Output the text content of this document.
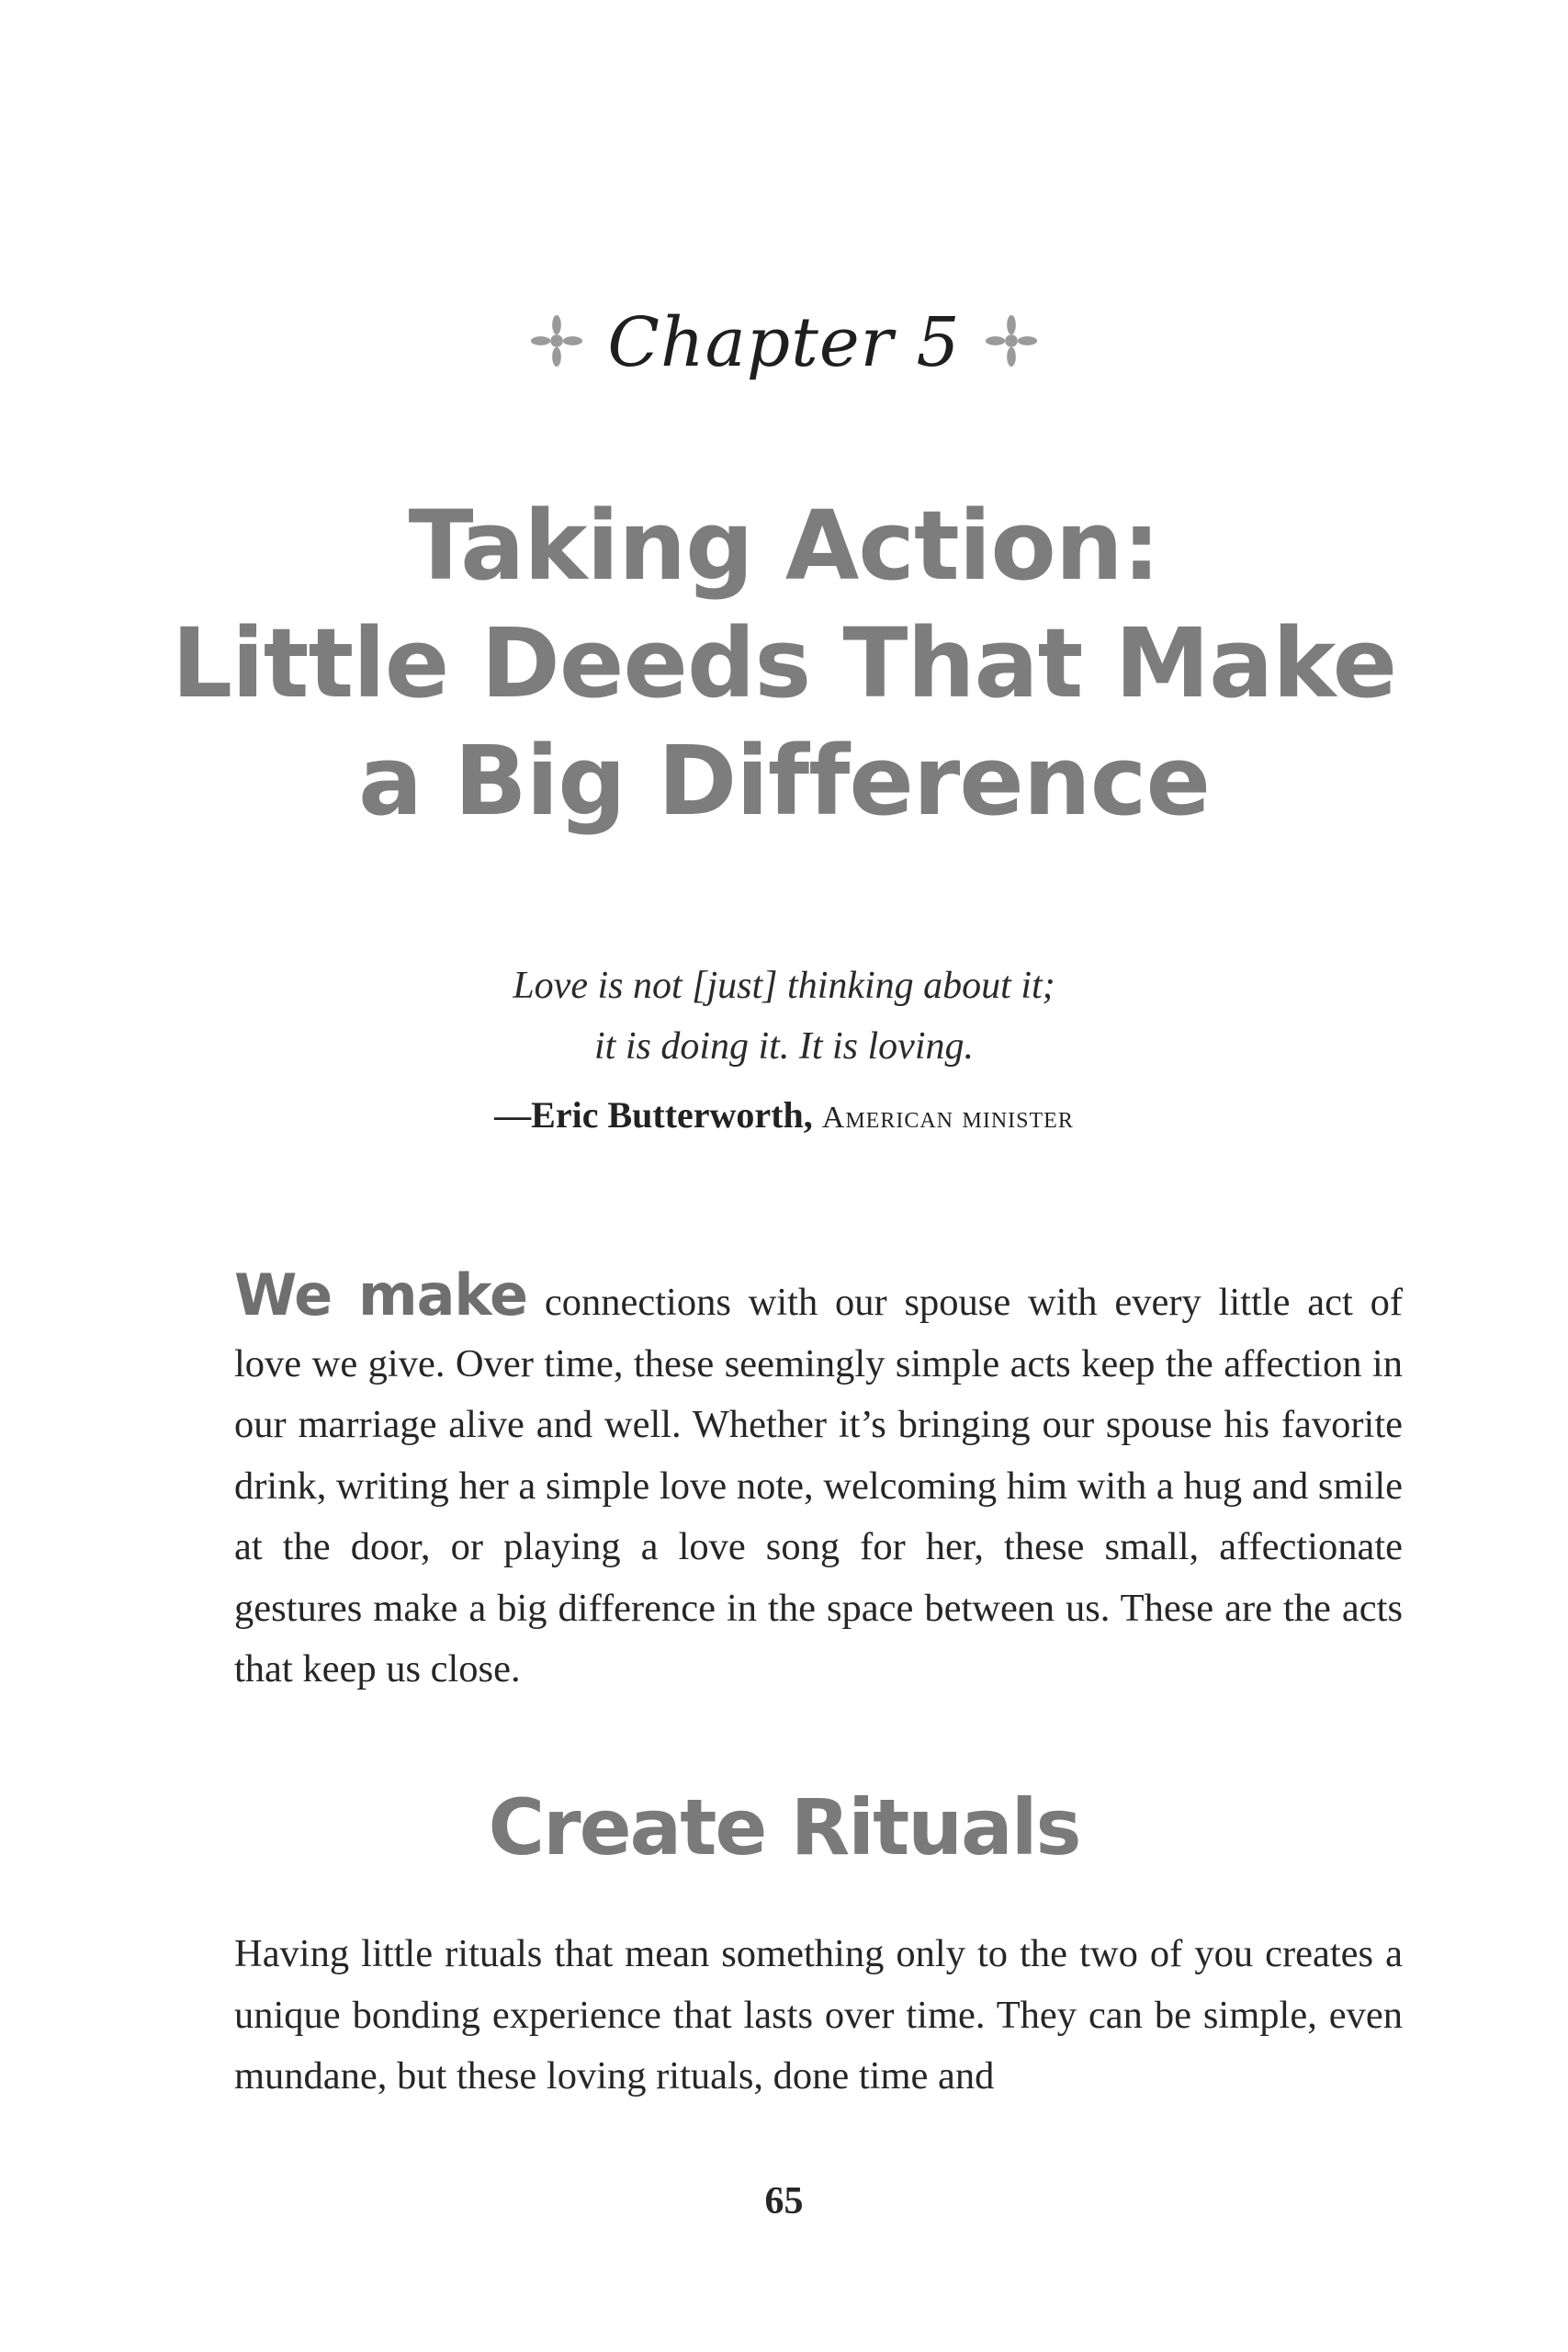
Chapter 5
Taking Action:
Little Deeds That Make
a Big Difference
Love is not [just] thinking about it;
it is doing it. It is loving.
—Eric Butterworth, American minister
We make connections with our spouse with every little act of love we give. Over time, these seemingly simple acts keep the affection in our marriage alive and well. Whether it’s bringing our spouse his favorite drink, writing her a simple love note, welcoming him with a hug and smile at the door, or playing a love song for her, these small, affectionate gestures make a big difference in the space between us. These are the acts that keep us close.
Create Rituals
Having little rituals that mean something only to the two of you creates a unique bonding experience that lasts over time. They can be simple, even mundane, but these loving rituals, done time and
65
